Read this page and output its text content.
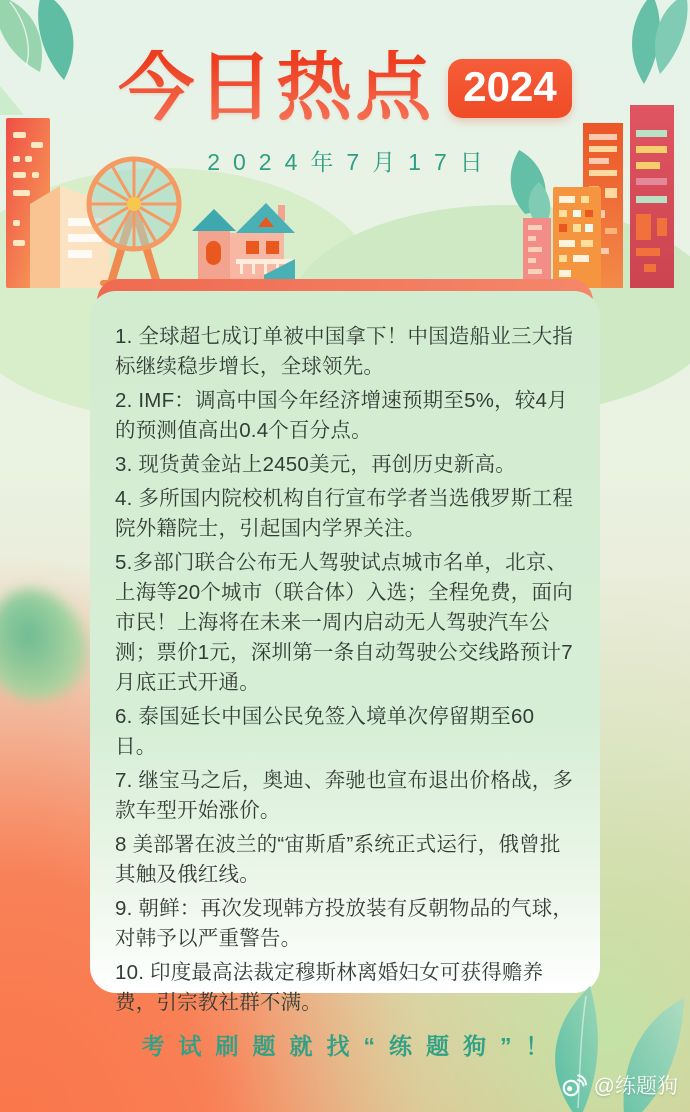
今日热点 2024
2024年7月17日

1. 全球超七成订单被中国拿下！中国造船业三大指标继续稳步增长，全球领先。

2. IMF：调高中国今年经济增速预期至5%，较4月的预测值高出0.4个百分点。

3. 现货黄金站上2450美元，再创历史新高。

4. 多所国内院校机构自行宣布学者当选俄罗斯工程院外籍院士，引起国内学界关注。

5.多部门联合公布无人驾驶试点城市名单，北京、上海等20个城市（联合体）入选；全程免费，面向市民！上海将在未来一周内启动无人驾驶汽车公测；票价1元，深圳第一条自动驾驶公交线路预计7月底正式开通。

6. 泰国延长中国公民免签入境单次停留期至60日。

7. 继宝马之后，奥迪、奔驰也宣布退出价格战，多款车型开始涨价。

8 美部署在波兰的“宙斯盾”系统正式运行，俄曾批其触及俄红线。

9. 朝鲜：再次发现韩方投放装有反朝物品的气球，对韩予以严重警告。

10. 印度最高法裁定穆斯林离婚妇女可获得赡养费，引宗教社群不满。

考试刷题就找“练题狗”！
@练题狗
